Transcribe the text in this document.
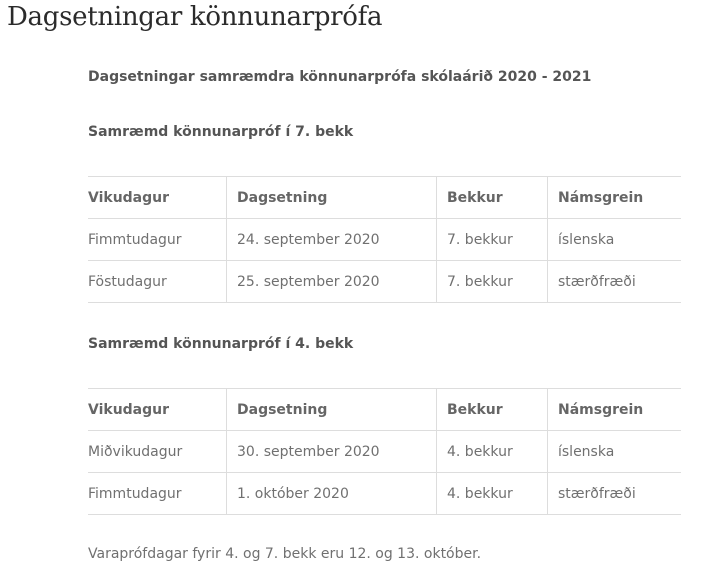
Dagsetningar könnunarprófa

Dagsetningar samræmdra könnunarprófa skólaárið 2020 - 2021

Samræmd könnunarpróf í 7. bekk

Vikudagur	Dagsetning	Bekkur	Námsgrein
Fimmtudagur	24. september 2020	7. bekkur	íslenska
Föstudagur	25. september 2020	7. bekkur	stærðfræði

Samræmd könnunarpróf í 4. bekk

Vikudagur	Dagsetning	Bekkur	Námsgrein
Miðvikudagur	30. september 2020	4. bekkur	íslenska
Fimmtudagur	1. október 2020	4. bekkur	stærðfræði

Varaprófdagar fyrir 4. og 7. bekk eru 12. og 13. október.
